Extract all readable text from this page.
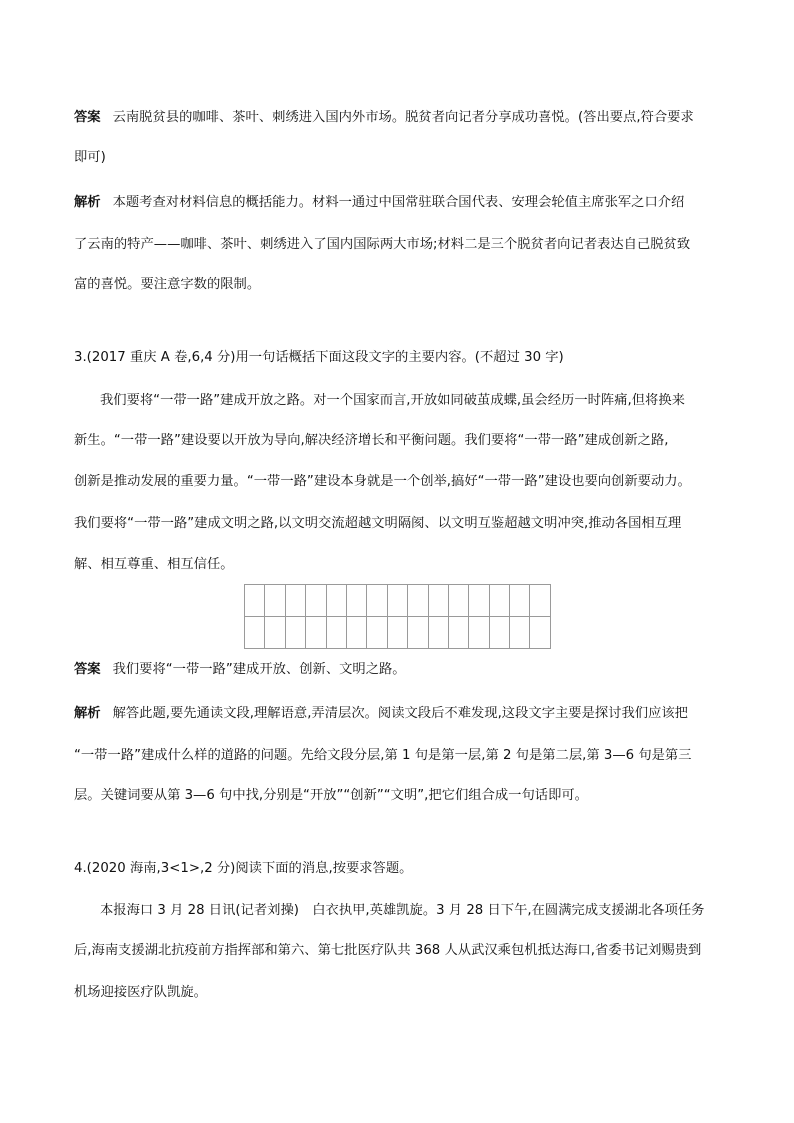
答案 云南脱贫县的咖啡、茶叶、刺绣进入国内外市场。脱贫者向记者分享成功喜悦。(答出要点,符合要求
即可)
解析 本题考查对材料信息的概括能力。材料一通过中国常驻联合国代表、安理会轮值主席张军之口介绍
了云南的特产——咖啡、茶叶、刺绣进入了国内国际两大市场;材料二是三个脱贫者向记者表达自己脱贫致
富的喜悦。要注意字数的限制。
3.(2017 重庆 A 卷,6,4 分)用一句话概括下面这段文字的主要内容。(不超过 30 字)
我们要将“一带一路”建成开放之路。对一个国家而言,开放如同破茧成蝶,虽会经历一时阵痛,但将换来
新生。“一带一路”建设要以开放为导向,解决经济增长和平衡问题。我们要将“一带一路”建成创新之路,
创新是推动发展的重要力量。“一带一路”建设本身就是一个创举,搞好“一带一路”建设也要向创新要动力。
我们要将“一带一路”建成文明之路,以文明交流超越文明隔阂、以文明互鉴超越文明冲突,推动各国相互理
解、相互尊重、相互信任。
答案 我们要将“一带一路”建成开放、创新、文明之路。
解析 解答此题,要先通读文段,理解语意,弄清层次。阅读文段后不难发现,这段文字主要是探讨我们应该把
“一带一路”建成什么样的道路的问题。先给文段分层,第 1 句是第一层,第 2 句是第二层,第 3—6 句是第三
层。关键词要从第 3—6 句中找,分别是“开放”“创新”“文明”,把它们组合成一句话即可。
4.(2020 海南,3<1>,2 分)阅读下面的消息,按要求答题。
本报海口 3 月 28 日讯(记者刘操)　白衣执甲,英雄凯旋。3 月 28 日下午,在圆满完成支援湖北各项任务
后,海南支援湖北抗疫前方指挥部和第六、第七批医疗队共 368 人从武汉乘包机抵达海口,省委书记刘赐贵到
机场迎接医疗队凯旋。
